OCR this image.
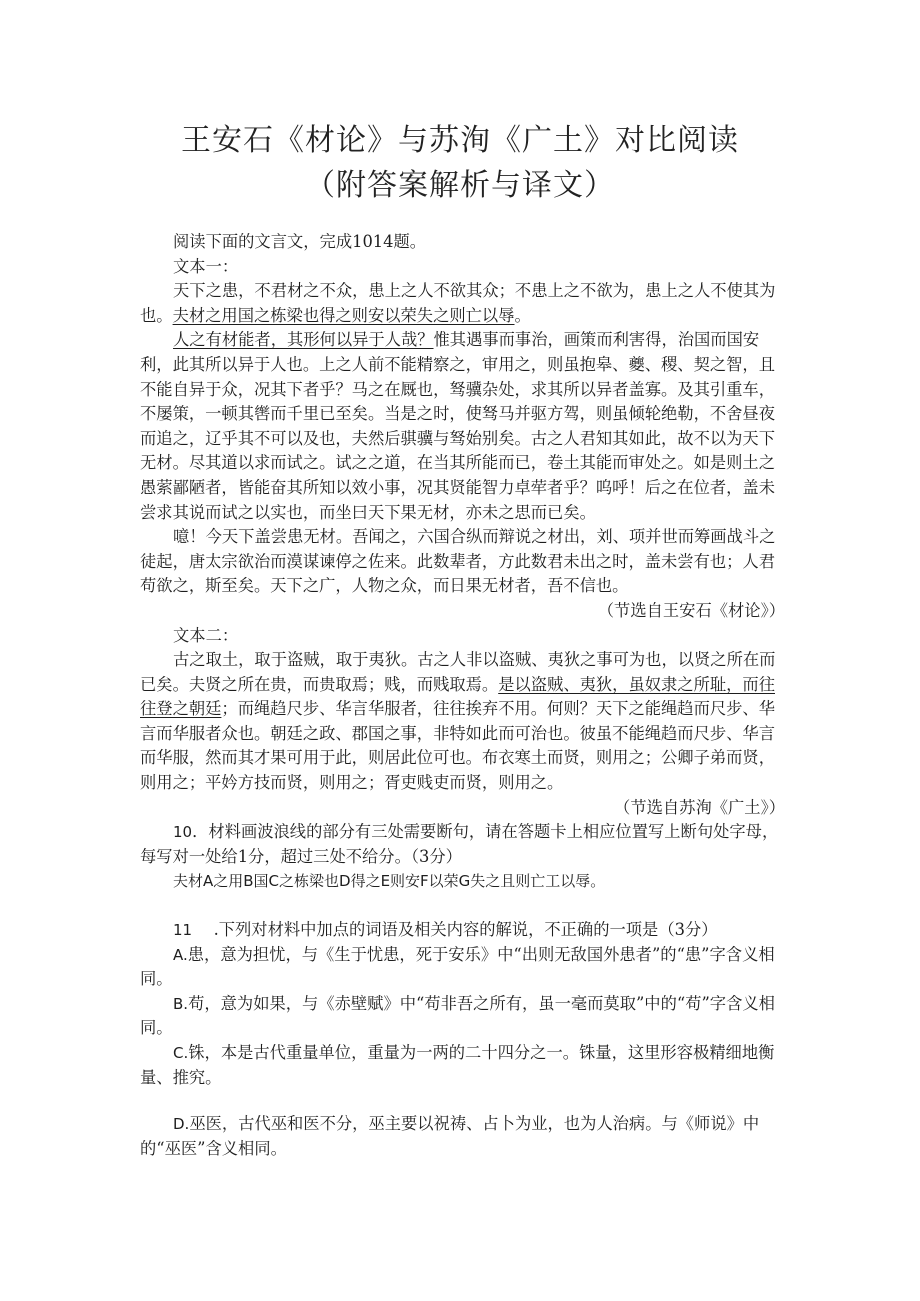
王安石《材论》与苏洵《广土》对比阅读
（附答案解析与译文）

阅读下面的文言文，完成1014题。

文本一：

天下之患，不君材之不众，患上之人不欲其众；不患上之不欲为，患上之人不使其为也。夫材之用国之栋梁也得之则安以荣失之则亡以辱。

人之有材能者，其形何以异于人哉？惟其遇事而事治，画策而利害得，治国而国安利，此其所以异于人也。上之人前不能精察之，审用之，则虽抱皋、夔、稷、契之智，且不能自异于众，况其下者乎？马之在厩也，驽骥杂处，求其所以异者盖寡。及其引重车，不屡策，一顿其辔而千里已至矣。当是之时，使驽马并驱方驾，则虽倾轮绝勒，不舍昼夜而追之，辽乎其不可以及也，夫然后骐骥与驽始别矣。古之人君知其如此，故不以为天下无材。尽其道以求而试之。试之之道，在当其所能而已，卷土其能而审处之。如是则土之愚萦鄙陋者，皆能奋其所知以效小事，况其贤能智力卓荦者乎？呜呼！后之在位者，盖未尝求其说而试之以实也，而坐曰天下果无材，亦未之思而已矣。

噫！今天下盖尝患无材。吾闻之，六国合纵而辩说之材出，刘、项并世而筹画战斗之徒起，唐太宗欲治而漠谋谏停之佐来。此数辈者，方此数君未出之时，盖未尝有也；人君苟欲之，斯至矣。天下之广，人物之众，而日果无材者，吾不信也。

（节选自王安石《材论》）

文本二：

古之取土，取于盗贼，取于夷狄。古之人非以盗贼、夷狄之事可为也，以贤之所在而已矣。夫贤之所在贵，而贵取焉；贱，而贱取焉。是以盗贼、夷狄，虽奴隶之所耻，而往往登之朝廷；而绳趋尺步、华言华服者，往往挨弃不用。何则？天下之能绳趋而尺步、华言而华服者众也。朝廷之政、郡国之事，非特如此而可治也。彼虽不能绳趋而尺步、华言而华服，然而其才果可用于此，则居此位可也。布衣寒土而贤，则用之；公卿子弟而贤，则用之；平妗方技而贤，则用之；胥吏贱吏而贤，则用之。

（节选自苏洵《广土》）

10．材料画波浪线的部分有三处需要断句，请在答题卡上相应位置写上断句处字母，每写对一处给1分，超过三处不给分。（3分）

夫材A之用B国C之栋梁也D得之E则安F以荣G失之且则亡工以辱。

11  .下列对材料中加点的词语及相关内容的解说，不正确的一项是（3分）

A.患，意为担忧，与《生于忧患，死于安乐》中“出则无敌国外患者”的“患”字含义相同。

B.苟，意为如果，与《赤壁赋》中“苟非吾之所有，虽一毫而莫取”中的“苟”字含义相同。

C.铢，本是古代重量单位，重量为一两的二十四分之一。铢量，这里形容极精细地衡量、推究。

D.巫医，古代巫和医不分，巫主要以祝祷、占卜为业，也为人治病。与《师说》中的“巫医”含义相同。
